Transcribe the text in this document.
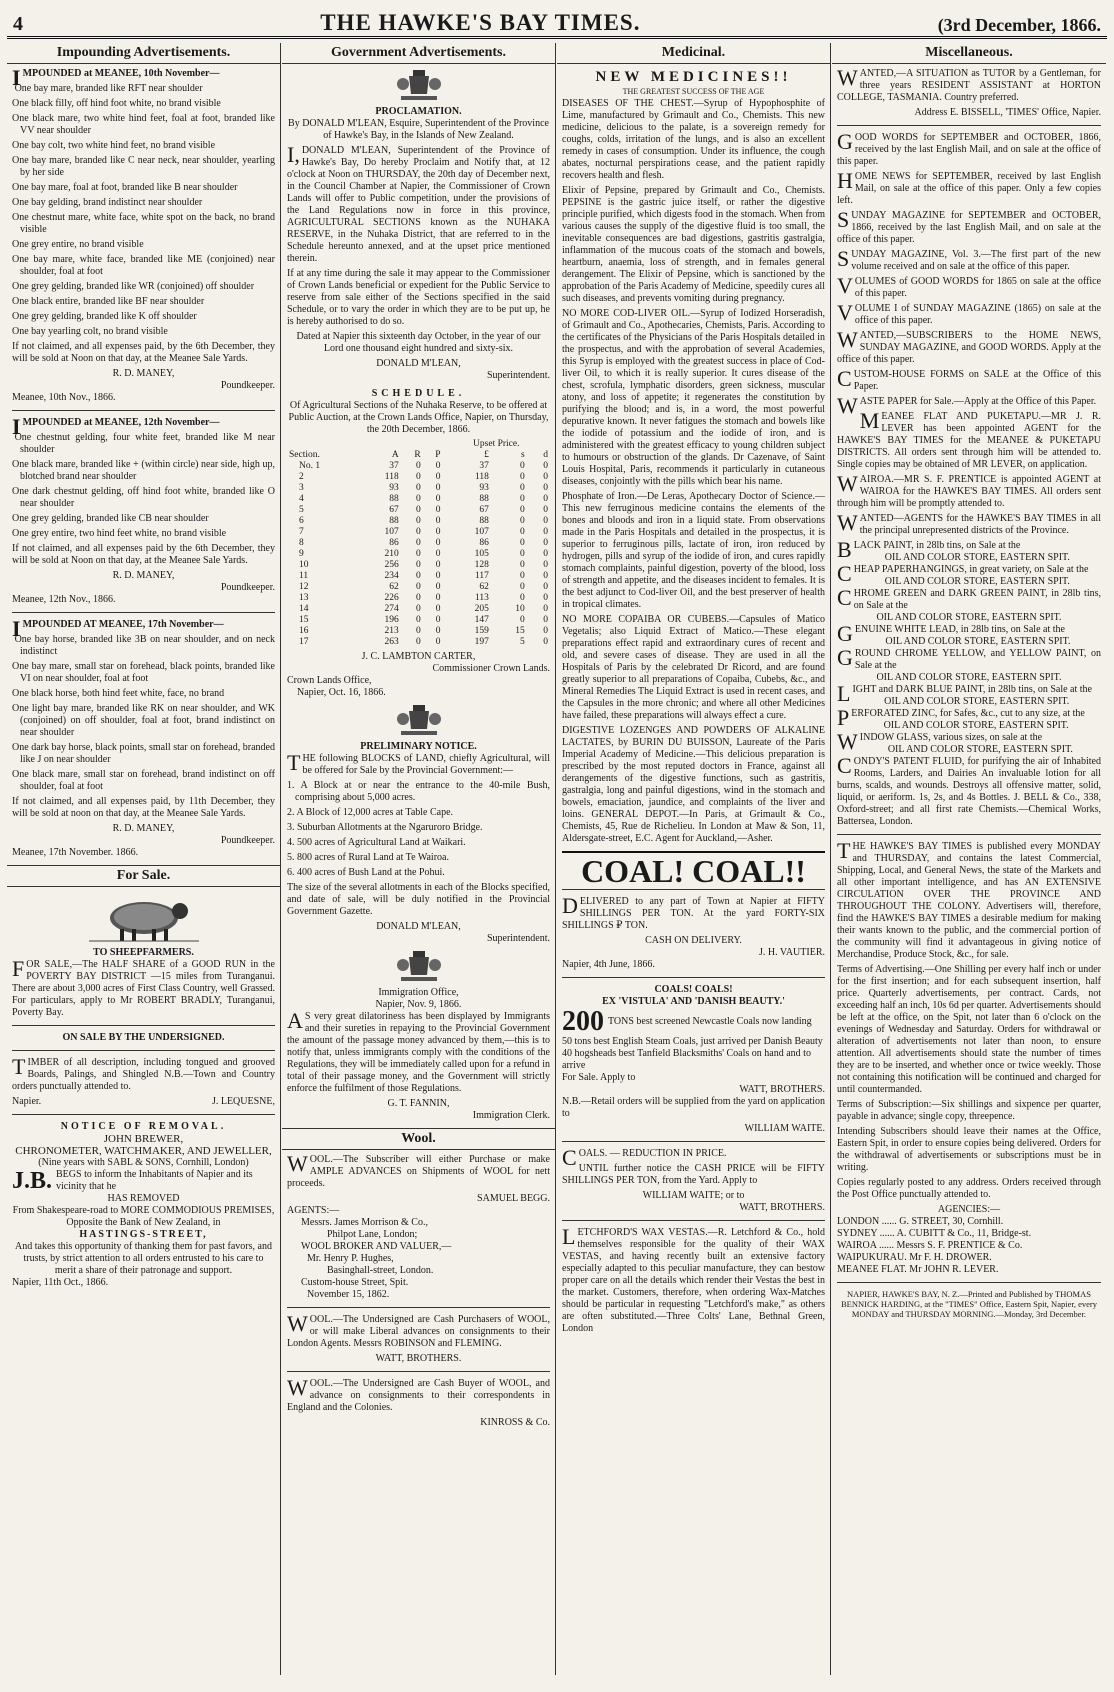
4	THE HAWKE'S BAY TIMES.	(3rd December, 1866.
Impounding Advertisements.
IMPOUNDED at MEANEE, 10th November—
One bay mare, branded like RFT near shoulder
One black filly, off hind foot white, no brand visible
One black mare, two white hind feet, foal at foot, branded like VV near shoulder
One bay colt, two white hind feet, no brand visible
One bay mare, branded like C near neck, near shoulder, yearling by her side
One bay mare, foal at foot, branded like B near shoulder
One bay gelding, brand indistinct near shoulder
One chestnut mare, white face, white spot on the back, no brand visible
One grey entire, no brand visible
One bay mare, white face, branded like ME (conjoined) near shoulder, foal at foot
One grey gelding, branded like WR (conjoined) off shoulder
One black entire, branded like BF near shoulder
One grey gelding, branded like K off shoulder
One bay yearling colt, no brand visible
If not claimed, and all expenses paid, by the 6th December, they will be sold at Noon on that day, at the Meanee Sale Yards.
R. D. MANEY,
Poundkeeper.
Meanee, 10th Nov., 1866.
IMPOUNDED at MEANEE, 12th November—
One chestnut gelding, four white feet, branded like M near shoulder
One black mare, branded like + (within circle) near side, high up, blotched brand near shoulder
One dark chestnut gelding, off hind foot white, branded like O near shoulder
One grey gelding, branded like CB near shoulder
One grey entire, two hind feet white, no brand visible
If not claimed, and all expenses paid by the 6th December, they will be sold at Noon on that day, at the Meanee Sale Yards.
R. D. MANEY,
Poundkeeper.
Meanee, 12th Nov., 1866.
IMPOUNDED AT MEANEE, 17th November—
One bay horse, branded like 3B on near shoulder, and on neck indistinct
One bay mare, small star on forehead, black points, branded like VI on near shoulder, foal at foot
One black horse, both hind feet white, face, no brand
One light bay mare, branded like RK on near shoulder, and WK (conjoined) on off shoulder, foal at foot, brand indistinct on near shoulder
One dark bay horse, black points, small star on forehead, branded like J on near shoulder
One black mare, small star on forehead, brand indistinct on off shoulder, foal at foot
If not claimed, and all expenses paid, by 11th December, they will be sold at noon on that day, at the Meanee Sale Yards.
R. D. MANEY,
Poundkeeper.
Meanee, 17th November. 1866.
For Sale.
TO SHEEPFARMERS.
FOR SALE,—The HALF SHARE of a GOOD RUN in the POVERTY BAY DISTRICT —15 miles from Turanganui. There are about 3,000 acres of First Class Country, well Grassed. For particulars, apply to Mr ROBERT BRADLY, Turanganui, Poverty Bay.
ON SALE BY THE UNDERSIGNED.
TIMBER of all description, including tongued and grooved Boards, Palings, and Shingled N.B.—Town and Country orders punctually attended to.
Napier.	J. LEQUESNE,
NOTICE OF REMOVAL.
JOHN BREWER,
CHRONOMETER, WATCHMAKER, AND JEWELLER,
(Nine years with SABL & SONS, Cornhill, London)
J.B. BEGS to inform the Inhabitants of Napier and its vicinity that he
HAS REMOVED
From Shakespeare-road to MORE COMMODIOUS PREMISES,
Opposite the Bank of New Zealand, in
HASTINGS-STREET,
And takes this opportunity of thanking them for past favors, and trusts, by strict attention to all orders entrusted to his care to merit a share of their patronage and support.
Napier, 11th Oct., 1866.
Government Advertisements.
PROCLAMATION.
By DONALD M'LEAN, Esquire, Superintendent of the Province of Hawke's Bay, in the Islands of New Zealand.
I,DONALD M'LEAN, Superintendent of the Province of Hawke's Bay, Do hereby Proclaim and Notify that, at 12 o'clock at Noon on THURSDAY, the 20th day of December next, in the Council Chamber at Napier, the Commissioner of Crown Lands will offer to Public competition, under the provisions of the Land Regulations now in force in this province, AGRICULTURAL SECTIONS known as the NUHAKA RESERVE, in the Nuhaka District, that are referred to in the Schedule hereunto annexed, and at the upset price mentioned therein.
If at any time during the sale it may appear to the Commissioner of Crown Lands beneficial or expedient for the Public Service to reserve from sale either of the Sections specified in the said Schedule, or to vary the order in which they are to be put up, he is hereby authorised to do so.
Dated at Napier this sixteenth day October, in the year of our Lord one thousand eight hundred and sixty-six.
DONALD M'LEAN,
Superintendent.
SCHEDULE.
Of Agricultural Sections of the Nuhaka Reserve, to be offered at Public Auction, at the Crown Lands Office, Napier, on Thursday, the 20th December, 1866.
				Upset Price.		
Section.	A	R	P	£	s	d
No. 1	37	0	0	37	0	0
2	118	0	0	118	0	0
3	93	0	0	93	0	0
4	88	0	0	88	0	0
5	67	0	0	67	0	0
6	88	0	0	88	0	0
7	107	0	0	107	0	0
8	86	0	0	86	0	0
9	210	0	0	105	0	0
10	256	0	0	128	0	0
11	234	0	0	117	0	0
12	62	0	0	62	0	0
13	226	0	0	113	0	0
14	274	0	0	205	10	0
15	196	0	0	147	0	0
16	213	0	0	159	15	0
17	263	0	0	197	5	0
J. C. LAMBTON CARTER,
Commissioner Crown Lands.
Crown Lands Office,
Napier, Oct. 16, 1866.
PRELIMINARY NOTICE.
THE following BLOCKS of LAND, chiefly Agricultural, will be offered for Sale by the Provincial Government:—
1. A Block at or near the entrance to the 40-mile Bush, comprising about 5,000 acres.
2. A Block of 12,000 acres at Table Cape.
3. Suburban Allotments at the Ngaruroro Bridge.
4. 500 acres of Agricultural Land at Waikari.
5. 800 acres of Rural Land at Te Wairoa.
6. 400 acres of Bush Land at the Pohui.
The size of the several allotments in each of the Blocks specified, and date of sale, will be duly notified in the Provincial Government Gazette.
DONALD M'LEAN,
Superintendent.
Immigration Office,
Napier, Nov. 9, 1866.
AS very great dilatoriness has been displayed by Immigrants and their sureties in repaying to the Provincial Government the amount of the passage money advanced by them,—this is to notify that, unless immigrants comply with the conditions of the Regulations, they will be immediately called upon for a refund in total of their passage money, and the Government will strictly enforce the fulfilment of those Regulations.
G. T. FANNIN,
Immigration Clerk.
Wool.
WOOL.—The Subscriber will either Purchase or make AMPLE ADVANCES on Shipments of WOOL for nett proceeds.
SAMUEL BEGG.
AGENTS:—
Messrs. James Morrison & Co.,
Philpot Lane, London;
WOOL BROKER AND VALUER,—
Mr. Henry P. Hughes,
Basinghall-street, London.
Custom-house Street, Spit.
November 15, 1862.
WOOL.—The Undersigned are Cash Purchasers of WOOL, or will make Liberal advances on consignments to their London Agents. Messrs ROBINSON and FLEMING.
WATT, BROTHERS.
WOOL.—The Undersigned are Cash Buyer of WOOL, and advance on consignments to their correspondents in England and the Colonies.
KINROSS & Co.
Medicinal.
NEW MEDICINES!!
THE GREATEST SUCCESS OF THE AGE
DISEASES OF THE CHEST.—Syrup of Hypophosphite of Lime, manufactured by Grimault and Co., Chemists. This new medicine, delicious to the palate, is a sovereign remedy for coughs, colds, irritation of the lungs, and is also an excellent remedy in cases of consumption. Under its influence, the cough abates, nocturnal perspirations cease, and the patient rapidly recovers health and flesh.
Elixir of Pepsine, prepared by Grimault and Co., Chemists. PEPSINE is the gastric juice itself, or rather the digestive principle purified, which digests food in the stomach. When from various causes the supply of the digestive fluid is too small, the inevitable consequences are bad digestions, gastritis gastralgia, inflammation of the mucous coats of the stomach and bowels, heartburn, anaemia, loss of strength, and in females general derangement. The Elixir of Pepsine, which is sanctioned by the approbation of the Paris Academy of Medicine, speedily cures all such diseases, and prevents vomiting during pregnancy.
NO MORE COD-LIVER OIL.—Syrup of Iodized Horseradish, of Grimault and Co., Apothecaries, Chemists, Paris. According to the certificates of the Physicians of the Paris Hospitals detailed in the prospectus, and with the approbation of several Academies, this Syrup is employed with the greatest success in place of Cod-liver Oil, to which it is really superior. It cures disease of the chest, scrofula, lymphatic disorders, green sickness, muscular atony, and loss of appetite; it regenerates the constitution by purifying the blood; and is, in a word, the most powerful depurative known. It never fatigues the stomach and bowels like the iodide of potassium and the iodide of iron, and is administered with the greatest efficacy to young children subject to humours or obstruction of the glands. Dr Cazenave, of Saint Louis Hospital, Paris, recommends it particularly in cutaneous diseases, conjointly with the pills which bear his name.
Phosphate of Iron.—De Leras, Apothecary Doctor of Science.—This new ferruginous medicine contains the elements of the bones and bloods and iron in a liquid state. From observations made in the Paris Hospitals and detailed in the prospectus, it is superior to ferruginous pills, lactate of iron, iron reduced by hydrogen, pills and syrup of the iodide of iron, and cures rapidly stomach complaints, painful digestion, poverty of the blood, loss of strength and appetite, and the diseases incident to females. It is the best adjunct to Cod-liver Oil, and the best preserver of health in tropical climates.
NO MORE COPAIBA OR CUBEBS.—Capsules of Matico Vegetalis; also Liquid Extract of Matico.—These elegant preparations effect rapid and extraordinary cures of recent and old, and severe cases of disease. They are used in all the Hospitals of Paris by the celebrated Dr Ricord, and are found greatly superior to all preparations of Copaiba, Cubebs, &c., and Mineral Remedies The Liquid Extract is used in recent cases, and the Capsules in the more chronic; and where all other Medicines have failed, these preparations will always effect a cure.
DIGESTIVE LOZENGES AND POWDERS OF ALKALINE LACTATES, by BURIN DU BUISSON, Laureate of the Paris Imperial Academy of Medicine.—This delicious preparation is prescribed by the most reputed doctors in France, against all derangements of the digestive functions, such as gastritis, gastralgia, long and painful digestions, wind in the stomach and bowels, emaciation, jaundice, and complaints of the liver and loins. GENERAL DEPOT.—In Paris, at Grimault & Co., Chemists, 45, Rue de Richelieu. In London at Maw & Son, 11, Aldersgate-street, E.C. Agent for Auckland,—Asher.
COAL! COAL!!
DELIVERED to any part of Town at Napier at FIFTY SHILLINGS PER TON. At the yard FORTY-SIX SHILLINGS ₽ TON.
CASH ON DELIVERY.
J. H. VAUTIER.
Napier, 4th June, 1866.
COALS! COALS!
EX 'VISTULA' AND 'DANISH BEAUTY.'
200 TONS best screened Newcastle Coals now landing
50 tons best English Steam Coals, just arrived per Danish Beauty
40 hogsheads best Tanfield Blacksmiths' Coals on hand and to arrive
For Sale. Apply to
WATT, BROTHERS.
N.B.—Retail orders will be supplied from the yard on application to
WILLIAM WAITE.
COALS. — REDUCTION IN PRICE.
UNTIL further notice the CASH PRICE will be FIFTY SHILLINGS PER TON, from the Yard. Apply to
WILLIAM WAITE; or to
WATT, BROTHERS.
LETCHFORD'S WAX VESTAS.—R. Letchford & Co., hold themselves responsible for the quality of their WAX VESTAS, and having recently built an extensive factory especially adapted to this peculiar manufacture, they can bestow proper care on all the details which render their Vestas the best in the market. Customers, therefore, when ordering Wax-Matches should be particular in requesting "Letchford's make," as others are often substituted.—Three Colts' Lane, Bethnal Green, London
Miscellaneous.
WANTED,—A SITUATION as TUTOR by a Gentleman, for three years RESIDENT ASSISTANT at HORTON COLLEGE, TASMANIA. Country preferred.
Address E. BISSELL, 'TIMES' Office, Napier.
GOOD WORDS for SEPTEMBER and OCTOBER, 1866, received by the last English Mail, and on sale at the office of this paper.
HOME NEWS for SEPTEMBER, received by last English Mail, on sale at the office of this paper. Only a few copies left.
SUNDAY MAGAZINE for SEPTEMBER and OCTOBER, 1866, received by the last English Mail, and on sale at the office of this paper.
SUNDAY MAGAZINE, Vol. 3.—The first part of the new volume received and on sale at the office of this paper.
VOLUMES of GOOD WORDS for 1865 on sale at the office of this paper.
VOLUME I of SUNDAY MAGAZINE (1865) on sale at the office of this paper.
WANTED,—SUBSCRIBERS to the HOME NEWS, SUNDAY MAGAZINE, and GOOD WORDS. Apply at the office of this paper.
CUSTOM-HOUSE FORMS on SALE at the Office of this Paper.
WASTE PAPER for Sale.—Apply at the Office of this Paper.
MEANEE FLAT AND PUKETAPU.—MR J. R. LEVER has been appointed AGENT for the HAWKE'S BAY TIMES for the MEANEE & PUKETAPU DISTRICTS. All orders sent through him will be attended to. Single copies may be obtained of MR LEVER, on application.
WAIROA.—MR S. F. PRENTICE is appointed AGENT at WAIROA for the HAWKE'S BAY TIMES. All orders sent through him will be promptly attended to.
WANTED—AGENTS for the HAWKE'S BAY TIMES in all the principal unrepresented districts of the Province.
BLACK PAINT, in 28lb tins, on Sale at the
OIL AND COLOR STORE, EASTERN SPIT.
CHEAP PAPERHANGINGS, in great variety, on Sale at the
OIL AND COLOR STORE, EASTERN SPIT.
CHROME GREEN and DARK GREEN PAINT, in 28lb tins, on Sale at the
OIL AND COLOR STORE, EASTERN SPIT.
GENUINE WHITE LEAD, in 28lb tins, on Sale at the
OIL AND COLOR STORE, EASTERN SPIT.
GROUND CHROME YELLOW, and YELLOW PAINT, on Sale at the
OIL AND COLOR STORE, EASTERN SPIT.
LIGHT and DARK BLUE PAINT, in 28lb tins, on Sale at the
OIL AND COLOR STORE, EASTERN SPIT.
PERFORATED ZINC, for Safes, &c., cut to any size, at the
OIL AND COLOR STORE, EASTERN SPIT.
WINDOW GLASS, various sizes, on sale at the
OIL AND COLOR STORE, EASTERN SPIT.
CONDY'S PATENT FLUID, for purifying the air of Inhabited Rooms, Larders, and Dairies An invaluable lotion for all burns, scalds, and wounds. Destroys all offensive matter, solid, liquid, or aeriform. 1s, 2s, and 4s Bottles. J. BELL & Co., 338, Oxford-street; and all first rate Chemists.—Chemical Works, Battersea, London.
THE HAWKE'S BAY TIMES is published every MONDAY and THURSDAY, and contains the latest Commercial, Shipping, Local, and General News, the state of the Markets and all other important intelligence, and has AN EXTENSIVE CIRCULATION OVER THE PROVINCE AND THROUGHOUT THE COLONY. Advertisers will, therefore, find the HAWKE'S BAY TIMES a desirable medium for making their wants known to the public, and the commercial portion of the community will find it advantageous in giving notice of Merchandise, Produce Stock, &c., for sale.
Terms of Advertising.—One Shilling per every half inch or under for the first insertion; and for each subsequent insertion, half price. Quarterly advertisements, per contract. Cards, not exceeding half an inch, 10s 6d per quarter. Advertisements should be left at the office, on the Spit, not later than 6 o'clock on the evenings of Wednesday and Saturday. Orders for withdrawal or alteration of advertisements not later than noon, to ensure attention. All advertisements should state the number of times they are to be inserted, and whether once or twice weekly. Those not containing this notification will be continued and charged for until countermanded.
Terms of Subscription:—Six shillings and sixpence per quarter, payable in advance; single copy, threepence.
Intending Subscribers should leave their names at the Office, Eastern Spit, in order to ensure copies being delivered. Orders for the withdrawal of advertisements or subscriptions must be in writing.
Copies regularly posted to any address. Orders received through the Post Office punctually attended to.
AGENCIES:—
LONDON ...... G. STREET, 30, Cornhill.
SYDNEY ...... A. CUBITT & Co., 11, Bridge-st.
WAIROA ...... Messrs S. F. PRENTICE & Co.
WAIPUKURAU. Mr F. H. DROWER.
MEANEE FLAT. Mr JOHN R. LEVER.
NAPIER, HAWKE'S BAY, N. Z.—Printed and Published by THOMAS BENNICK HARDING, at the "TIMES" Office, Eastern Spit, Napier, every MONDAY and THURSDAY MORNING.—Monday, 3rd December.
